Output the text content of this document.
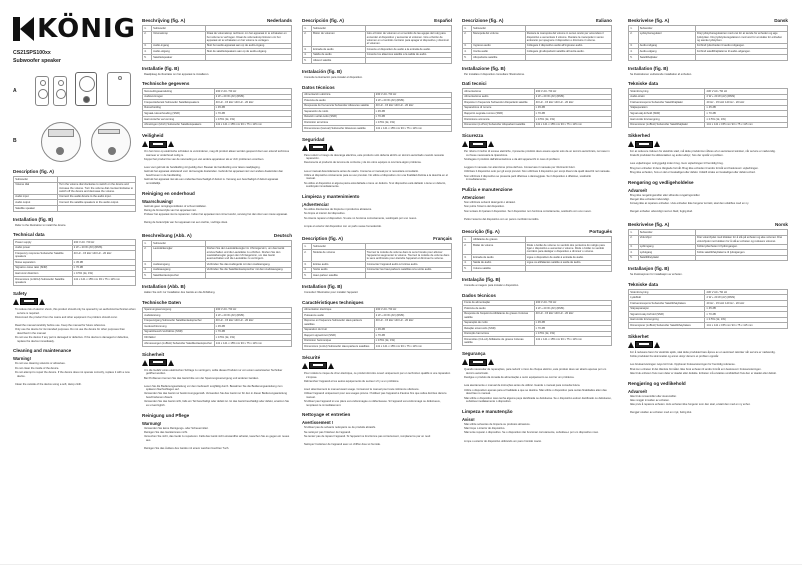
KÖNIG
CS21SPS100xx
Subwoofer speaker
A
B
Description (fig. A)
Subwoofer	
Volume dial	Turn the volume dial clockwise to switch on the device and increase the volume. Turn the volume dial counterclockwise to switch off the device and decrease the volume.
Audio input	Connect the audio device to the audio input.
Audio output	Connect the satellite speakers to the audio output.
Satellite speaker	
Installation (fig. B)
Refer to the illustration to install the device.
Technical data
Power supply	230 V AC / 50 Hz
Audio power	2 W + 20 W (AV) (RMS)
Frequency response Subwoofer Satellite speakers	40 Hz - 15 kHz 140 Hz - 20 kHz
Noise separation	≥ 45 dB
Signal-to-noise ratio (SNR)	≥ 70 dB
Harmonic distortion	≤ 0.5% (1k, 1W)
Dimensions (LxWxH) Subwoofer Satellite speakers	141 x 141 x 155 mm 93 x 75 x 115 mm
Safety
To reduce risk of electric shock, this product should only be opened by an authorized technician when service is required.
Disconnect the product from the mains and other equipment if a problem should occur.
Read the manual carefully before use. Keep the manual for future reference.
Only use the device for its intended purposes. Do not use the device for other purposes than described in the manual.
Do not use the device if any part is damaged or defective. If the device is damaged or defective, replace the device immediately.
Cleaning and maintenance
Warning!
Do not use cleaning solvents or abrasives.
Do not clean the inside of the device.
Do not attempt to repair the device. If the device does not operate correctly, replace it with a new device.
Clean the outside of the device using a soft, damp cloth.
Beschrijving (fig. A)	Nederlands
1.	Subwoofer	
2.	Volumeknop	Draai de volumeknop rechtsom om het apparaat in te schakelen en het volume te verhogen. Draai de volumeknop linksom om het apparaat uit te schakelen en het volume te verlagen.
3.	Audio-ingang	Sluit het audio-apparaat aan op de audio-ingang.
4.	Audio-uitgang	Sluit de satellietspeakers aan op de audio-uitgang.
5.	Satellietspeaker	
Installatie (fig. B)
Raadpleeg de illustratie om het apparaat te installeren.
Technische gegevens
Netvoedingsaansluiting	230 V AC / 50 Hz
Audiovermogen	2 W + 20 W (AV) (RMS)
Frequentiebereik Subwoofer Satellietspeakers	40 Hz - 15 kHz 140 Hz - 20 kHz
Ruisscheiding	≥ 45 dB
Signaal-ruisverhouding (SNR)	≥ 70 dB
Harmonische vervorming	≤ 0.5% (1k, 1W)
Afmetingen (lxbxh) Subwoofer Satellietspeakers	141 x 141 x 155 mm 93 x 75 x 115 mm
Veiligheid
Om het risico op elektrische schokken te verminderen, mag dit product alleen worden geopend door een erkend technicus wanneer er onderhoud nodig is.
Koppel het product los van de netvoeding en van andere apparatuur als er zich problemen voordoen.
Lees voor gebruik de handleiding zorgvuldig door. Bewaar de handleiding voor latere raadpleging.
Gebruik het apparaat uitsluitend voor de beoogde doeleinden. Gebruik het apparaat niet voor andere doeleinden dan beschreven in de handleiding.
Gebruik het apparaat niet als een onderdeel beschadigd of defect is. Vervang een beschadigd of defect apparaat onmiddellijk.
Reiniging en onderhoud
Waarschuwing!
Gebruik geen reinigingsmiddelen of schuurmiddelen.
Reinig de binnenzijde van het apparaat niet.
Probeer het apparaat niet te repareren. Indien het apparaat niet correct werkt, vervang het dan door een nieuw apparaat.
Reinig de buitenzijde van het apparaat met een zachte, vochtige doek.
Beschreibung (Abb. A)	Deutsch
1.	Subwoofer	
2.	Lautstärkeregler	Drehen Sie den Lautstärkeregler im Uhrzeigersinn, um das Gerät einzuschalten und die Lautstärke zu erhöhen. Drehen Sie den Lautstärkeregler gegen den Uhrzeigersinn, um das Gerät auszuschalten und die Lautstärke zu verringern.
3.	Audioeingang	Verbinden Sie das Audiogerät mit dem Audioeingang.
4.	Audioausgang	Verbinden Sie die Satellitenlautsprecher mit dem Audioausgang.
5.	Satellitenlautsprecher	
Installation (Abb. B)
Halten Sie sich zur Installation des Geräts an die Abbildung.
Technische Daten
Spannungsversorgung	230 V AC / 50 Hz
Audioleistung	2 W + 20 W (AV) (RMS)
Frequenzgang Subwoofer Satellitenlautsprecher	40 Hz - 15 kHz 140 Hz - 20 kHz
Geräuschtrennung	≥ 45 dB
Signal-Rausch-Verhältnis (SNR)	≥ 70 dB
Klirrfaktor	≤ 0.5% (1k, 1W)
Abmessungen (LxBxH) Subwoofer Satellitenlautsprecher	141 x 141 x 155 mm 93 x 75 x 115 mm
Sicherheit
Um die Gefahr eines elektrischen Schlags zu verringern, sollte dieses Produkt nur von einem autorisierten Techniker geöffnet werden.
Bei Problemen trennen Sie das Gerät bitte von der Spannungsversorgung und anderen Geräten.
Lesen Sie die Bedienungsanleitung vor dem Gebrauch sorgfältig durch. Bewahren Sie die Bedienungsanleitung zum späteren Nachschlagen auf.
Verwenden Sie das Gerät nur bestimmungsgemäß. Verwenden Sie das Gerät nur für den in dieser Bedienungsanleitung beschriebenen Zweck.
Verwenden Sie das Gerät nicht, falls ein Teil beschädigt oder defekt ist. Ist das Gerät beschädigt oder defekt, ersetzen Sie es unverzüglich.
Reinigung und Pflege
Warnung!
Verwenden Sie keine Reinigungs- oder Scheuermittel.
Reinigen Sie das Geräteinnere nicht.
Versuchen Sie nicht, das Gerät zu reparieren. Falls das Gerät nicht einwandfrei arbeitet, tauschen Sie es gegen ein neues aus.
Reinigen Sie das Äußere des Geräts mit einem weichen feuchten Tuch.
Descripción (fig. A)	Español
1.	Subwoofer	
2.	Botón de volumen	Gire el botón de volumen en el sentido de las agujas del reloj para encender el dispositivo y aumentar el volumen. Gire el botón de volumen en el sentido contrario para apagar el dispositivo y disminuir el volumen.
3.	Entrada de audio	Conecte el dispositivo de audio a la entrada de audio.
4.	Salida de audio	Conecte los altavoces satélite a la salida de audio.
5.	Altavoz satélite	
Instalación (fig. B)
Consulte la ilustración para instalar el dispositivo.
Datos técnicos
Alimentación eléctrica	230 V AC / 50 Hz
Potencia de audio	2 W + 20 W (AV) (RMS)
Respuesta de frecuencia Subwoofer Altavoces satélite	40 Hz - 15 kHz 140 Hz - 20 kHz
Separación de ruido	≥ 45 dB
Relación señal-ruido (SNR)	≥ 70 dB
Distorsión armónica	≤ 0.5% (1k, 1W)
Dimensiones (lxanxal) Subwoofer Altavoces satélite	141 x 141 x 155 mm 93 x 75 x 115 mm
Seguridad
Para reducir el riesgo de descarga eléctrica, este producto solo debería abrirlo un técnico autorizado cuando necesite reparación.
Desconecte el producto de la toma de corriente y de los otros equipos si ocurriera algún problema.
Lea el manual detenidamente antes de usarlo. Conserve el manual por si necesitara consultarlo.
Utilice el dispositivo únicamente para su uso previsto. No utilice el dispositivo con una finalidad distinta a la descrita en el manual.
No utilice el dispositivo si alguna pieza está dañada o tiene un defecto. Si el dispositivo está dañado o tiene un defecto, sustitúyalo inmediatamente.
Limpieza y mantenimiento
¡Advertencia!
No utilice disolventes de limpieza ni productos abrasivos.
No limpie el interior del dispositivo.
No intente reparar el dispositivo. Si este no funciona correctamente, sustitúyalo por uno nuevo.
Limpie el exterior del dispositivo con un paño suave humedecido.
Description (fig. A)	Français
1.	Subwoofer	
2.	Molette de volume	Tournez la molette de volume dans le sens horaire pour allumer l'appareil et augmenter le volume. Tournez la molette de volume dans le sens antihoraire pour éteindre l'appareil et diminuer le volume.
3.	Entrée audio	Connectez l'appareil audio à l'entrée audio.
4.	Sortie audio	Connectez les haut-parleurs satellites à la sortie audio.
5.	Haut-parleur satellite	
Installation (fig. B)
Consultez l'illustration pour installer l'appareil.
Caractéristiques techniques
Alimentation électrique	230 V AC / 50 Hz
Puissance audio	2 W + 20 W (AV) (RMS)
Réponse en fréquence Subwoofer Haut-parleurs satellites	40 Hz - 15 kHz 140 Hz - 20 kHz
Séparation du bruit	≥ 45 dB
Rapport signal-bruit (SNR)	≥ 70 dB
Distorsion harmonique	≤ 0.5% (1k, 1W)
Dimensions (LxlxH) Subwoofer Haut-parleurs satellites	141 x 141 x 155 mm 93 x 75 x 115 mm
Sécurité
Pour réduire le risque de choc électrique, ce produit doit être ouvert uniquement par un technicien qualifié si une réparation s'impose.
Débranchez l'appareil et les autres équipements du secteur s'il y a un problème.
Lisez attentivement le manuel avant usage. Conservez le manuel pour toute référence ultérieure.
Utilisez l'appareil uniquement pour ses usages prévus. N'utilisez pas l'appareil à d'autres fins que celles décrites dans le manuel.
N'utilisez pas l'appareil si une pièce est endommagée ou défectueuse. Si l'appareil est endommagé ou défectueux, remplacez-le immédiatement.
Nettoyage et entretien
Avertissement !
N'utilisez pas de solvants nettoyants ou de produits abrasifs.
Ne nettoyez pas l'intérieur de l'appareil.
Ne tentez pas de réparer l'appareil. Si l'appareil ne fonctionne pas correctement, remplacez-le par un neuf.
Nettoyez l'extérieur de l'appareil avec un chiffon doux et humide.
Descrizione (fig. A)	Italiano
1.	Subwoofer	
2.	Manopola del volume	Ruotare la manopola del volume in senso orario per accendere il dispositivo e aumentare il volume. Ruotare la manopola in senso antiorario per spegnere il dispositivo e diminuire il volume.
3.	Ingresso audio	Collegare il dispositivo audio all'ingresso audio.
4.	Uscita audio	Collegare gli altoparlanti satellite all'uscita audio.
5.	Altoparlante satellite	
Installazione (fig. B)
Per installare il dispositivo consultare l'illustrazione.
Dati tecnici
Alimentazione	230 V AC / 50 Hz
Alimentazione audio	2 W + 20 W (AV) (RMS)
Risposta in frequenza Subwoofer Altoparlanti satellite	40 Hz - 15 kHz 140 Hz - 20 kHz
Separazione di rumore	≥ 45 dB
Rapporto segnale-rumore (SNR)	≥ 70 dB
Distorsione armonica	≤ 0.5% (1k, 1W)
Dimensioni (LxPxA) Subwoofer Altoparlanti satellite	141 x 141 x 155 mm 93 x 75 x 115 mm
Sicurezza
Per ridurre il rischio di scosse elettriche, il presente prodotto deve essere aperto solo da un tecnico autorizzato, nel caso in cui fosse necessaria la riparazione.
Scollegare il prodotto dall'alimentazione e da altri apparecchi in caso di problemi.
Leggere il manuale con attenzione prima dell'uso. Conservare il manuale per riferimenti futuri.
Utilizzare il dispositivo solo per gli scopi previsti. Non utilizzare il dispositivo per scopi diversi da quelli descritti nel manuale.
Non utilizzare il dispositivo se presenta parti difettose o danneggiate. Se il dispositivo è difettoso, sostituirlo immediatamente.
Pulizia e manutenzione
Attenzione!
Non utilizzare solventi detergenti o abrasivi.
Non pulire l'interno del dispositivo.
Non tentare di riparare il dispositivo. Se il dispositivo non funziona correttamente, sostituirlo con uno nuovo.
Pulire l'esterno del dispositivo con un panno morbido inumidito.
Descrição (fig. A)	Português
1.	Altifalante de graves	
2.	Botão de volume	Rode o botão de volume no sentido dos ponteiros do relógio para ligar o dispositivo e aumentar o volume. Rode o botão no sentido contrário para desligar o dispositivo e diminuir o volume.
3.	Entrada de áudio	Ligue o dispositivo de áudio à entrada de áudio.
4.	Saída de áudio	Ligue os altifalantes satélite à saída de áudio.
5.	Coluna satélite	
Instalação (fig. B)
Consulte a imagem para instalar o dispositivo.
Dados técnicos
Fonte de alimentação	230 V AC / 50 Hz
Potência de áudio	2 W + 20 W (AV) (RMS)
Resposta de frequência Altifalante de graves Colunas satélite	40 Hz - 15 kHz 140 Hz - 20 kHz
Separação de ruído	≥ 45 dB
Relação sinal-ruído (SNR)	≥ 70 dB
Distorção harmónica	≤ 0.5% (1k, 1W)
Dimensões (CxLxA) Altifalante de graves Colunas satélite	141 x 141 x 155 mm 93 x 75 x 115 mm
Segurança
Quando necessitar de reparações, para reduzir o risco de choque elétrico, este produto deve ser aberto apenas por um técnico autorizado.
Desligue o produto da tomada de alimentação e outro equipamento se ocorrer um problema.
Leia atentamente o manual de instruções antes de utilizar. Guarde o manual para consulta futura.
Utilize o dispositivo apenas para a finalidade a que se destina. Não utilize o dispositivo para outras finalidades além das descritas no manual.
Não utilize o dispositivo caso tenha alguma peça danificada ou defeituosa. Se o dispositivo estiver danificado ou defeituoso, substitua imediatamente o dispositivo.
Limpeza e manutenção
Aviso!
Não utilize solventes de limpeza ou produtos abrasivos.
Não limpe o interior do dispositivo.
Não tente reparar o dispositivo. Se o dispositivo não funcionar corretamente, substitua-o por um dispositivo novo.
Limpe o exterior do dispositivo utilizando um pano húmido macio.
Beskrivelse (fig. A)	Dansk
1.	Subwoofer	
2.	Lydstyrkeregulator	Drej lydstyrkeregulatoren med uret for at tænde for enheden og øge lydstyrken. Drej lydstyrkeregulatoren mod uret for at slukke for enheden og sænke lydstyrken.
3.	Audio-indgang	Forbind lydenheden til audio-indgangen.
4.	Audio-udgang	Forbind satellithøjttalerne til audio-udgangen.
5.	Satellithøjttaler	
Installation (fig. B)
Se illustrationen vedrørende installation af enheden.
Tekniske data
Strømforsyning	230 V AC / 50 Hz
Audio-strøm	2 W + 20 W (AV) (RMS)
Frekvensrespons Subwoofer Satellithøjttaler	40 Hz - 15 kHz 140 Hz - 20 kHz
Støjseparation	≥ 45 dB
Signal-støj-forhold (SNR)	≥ 70 dB
Harmonisk forvrængning	≤ 0.5% (1k, 1W)
Dimensioner (LxBxH) Subwoofer Satellithøjttaler	141 x 141 x 155 mm 93 x 75 x 115 mm
Sikkerhed
For at reducere risikoen for elektrisk stød, må dette produkt kun åbnes af en autoriseret tekniker, når service er nødvendig.
Frakobl produktet fra stikkontakten og andet udstyr, hvis der opstår et problem.
Læs vejledningen omhyggeligt inden brug. Gem vejledningen til fremtidig brug.
Brug kun enheden til dens tilsigtede formål. Brug ikke enheden til andre formål end beskrevet i vejledningen.
Brug ikke enheden, hvis en del er beskadiget eller defekt. Udskift straks en beskadiget eller defekt enhed.
Rengøring og vedligeholdelse
Advarsel!
Brug ikke rengøringsmidler eller slibende rengøringsmidler.
Rengør ikke enheden indvendigt.
Forsøg ikke at reparere enheden. Hvis enheden ikke fungerer korrekt, skal den udskiftes med en ny.
Rengør enheden udvendigt med en blød, fugtig klud.
Beskrivelse (fig. A)	Norsk
1.	Subwoofer	
2.	Volumhjul	Drei volumhjulet med klokken for å slå på enheten og øke volumet. Drei volumhjulet mot klokken for å slå av enheten og redusere volumet.
3.	Lydinngang	Koble lydenheten til lydinngangen.
4.	Lydutgang	Koble satellitthøyttalerne til lydutgangen.
5.	Satellitthøyttaler	
Installasjon (fig. B)
Se illustrasjonen for installasjon av enheten.
Tekniske data
Strømforsyning	230 V AC / 50 Hz
Lydeffekt	2 W + 20 W (AV) (RMS)
Frekvensrespons Subwoofer Satellitthøyttalere	40 Hz - 15 kHz 140 Hz - 20 kHz
Støyseparasjon	≥ 45 dB
Signal-til-støy-forhold (SNR)	≥ 70 dB
Harmonisk forvrengning	≤ 0.5% (1k, 1W)
Dimensjoner (LxBxH) Subwoofer Satellitthøyttalere	141 x 141 x 155 mm 93 x 75 x 115 mm
Sikkerhet
For å redusere faren for elektrisk sjokk, skal dette produktet bare åpnes av en autorisert tekniker når service er nødvendig.
Koble produktet fra strømnettet og annet utstyr dersom et problem oppstår.
Les bruksanvisningen nøye før bruk. Oppbevar bruksanvisningen for fremtidig referanse.
Bruk kun enheten til det tiltenkte formålet. Ikke bruk enheten til andre formål enn beskrevet i bruksanvisningen.
Ikke bruk enheten hvis noen deler er skadet eller defekte. Enheten må erstattes umiddelbart hvis den er skadet eller defekt.
Rengjøring og vedlikehold
Advarsel!
Ikke bruk rensemidler eller skuremidler.
Ikke rengjør innsiden av enheten.
Ikke prøv å reparere enheten. Hvis enheten ikke fungerer som den skal, erstatt den med en ny enhet.
Rengjør utsiden av enheten med en myk, fuktig klut.
